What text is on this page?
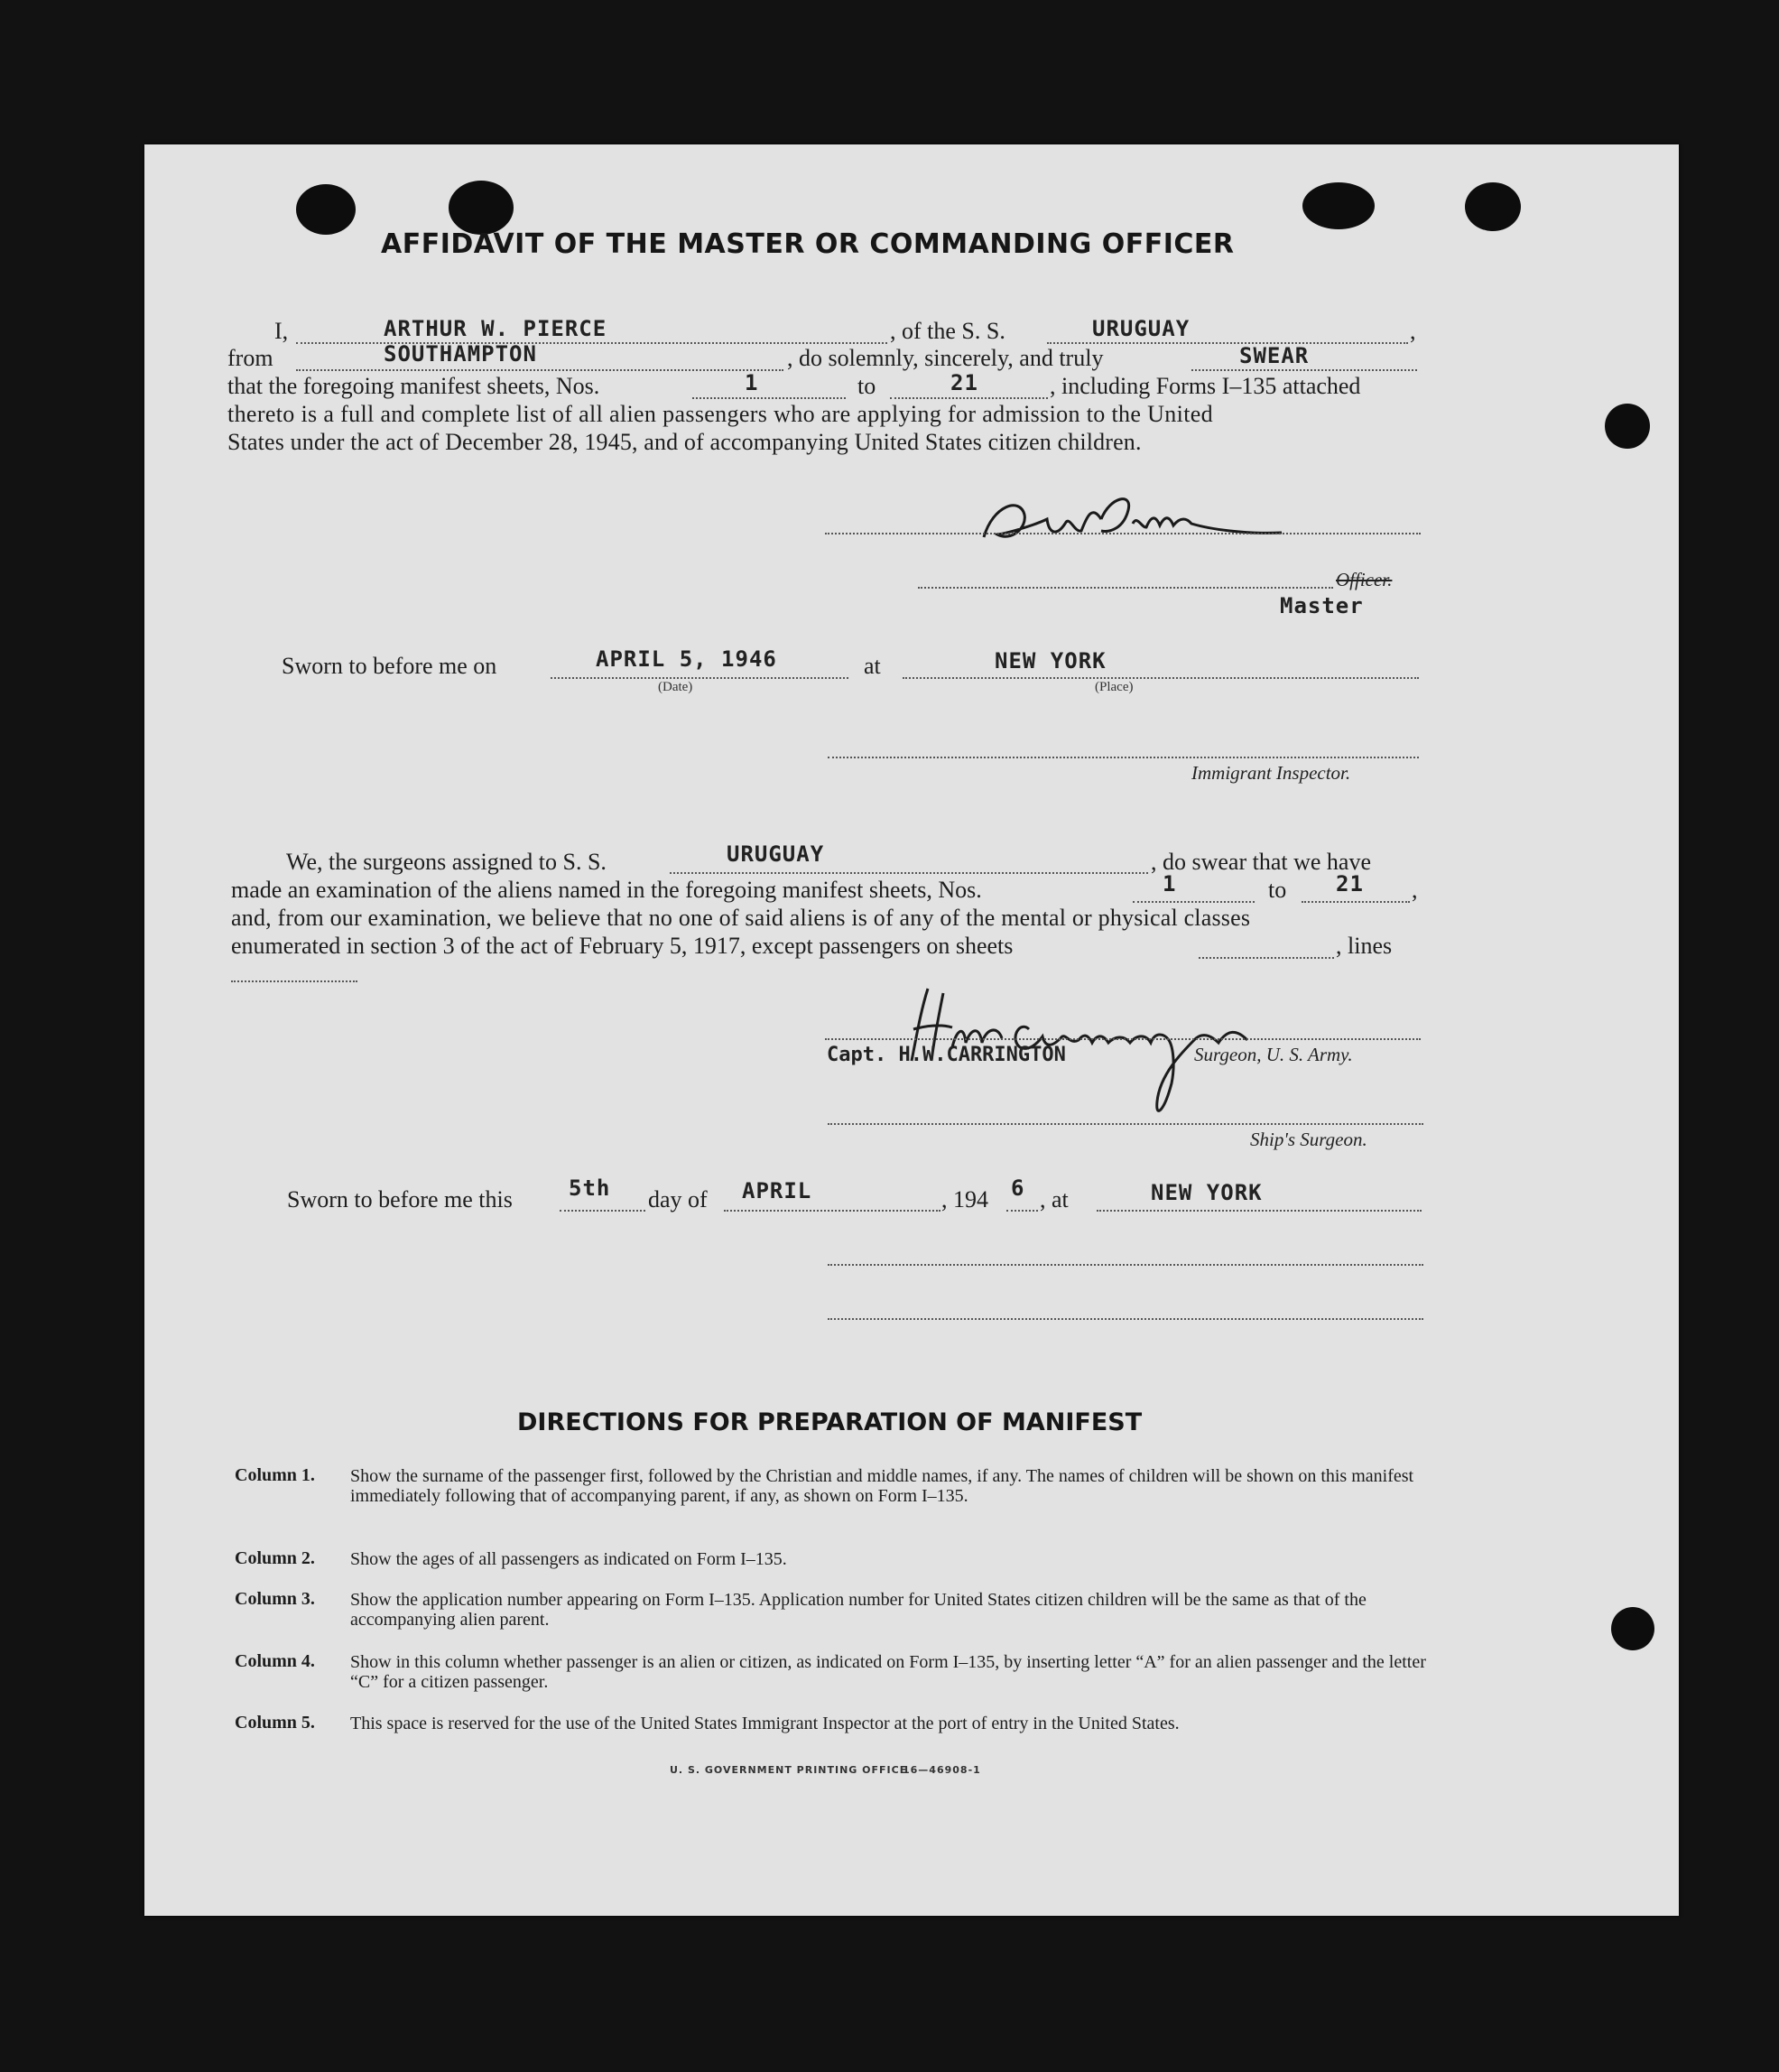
AFFIDAVIT OF THE MASTER OR COMMANDING OFFICER
I,	ARTHUR W. PIERCE	, of the S. S.	URUGUAY	,
from	SOUTHAMPTON	, do solemnly, sincerely, and truly	SWEAR
that the foregoing manifest sheets, Nos.	1	to	21	, including Forms I–135 attached
thereto is a full and complete list of all alien passengers who are applying for admission to the United
States under the act of December 28, 1945, and of accompanying United States citizen children.
Officer.
Master
Sworn to before me on	APRIL 5, 1946
(Date)
at	NEW YORK
(Place)
Immigrant Inspector.
We, the surgeons assigned to S. S.	URUGUAY	, do swear that we have
made an examination of the aliens named in the foregoing manifest sheets, Nos.	1	to 21 ,
and, from our examination, we believe that no one of said aliens is of any of the mental or physical classes
enumerated in section 3 of the act of February 5, 1917, except passengers on sheets	, lines
Capt. H.W.CARRINGTON	Surgeon, U. S. Army.
Ship's Surgeon.
Sworn to before me this	5th day of APRIL	, 194 6 , at	NEW YORK
DIRECTIONS FOR PREPARATION OF MANIFEST
Column 1. Show the surname of the passenger first, followed by the Christian and middle names, if any. The names of children will be shown on this manifest immediately following that of accompanying parent, if any, as shown on Form I–135.
Column 2. Show the ages of all passengers as indicated on Form I–135.
Column 3. Show the application number appearing on Form I–135. Application number for United States citizen children will be the same as that of the accompanying alien parent.
Column 4. Show in this column whether passenger is an alien or citizen, as indicated on Form I–135, by inserting letter “A” for an alien passenger and the letter “C” for a citizen passenger.
Column 5. This space is reserved for the use of the United States Immigrant Inspector at the port of entry in the United States.
U. S. GOVERNMENT PRINTING OFFICE
16—46908-1
